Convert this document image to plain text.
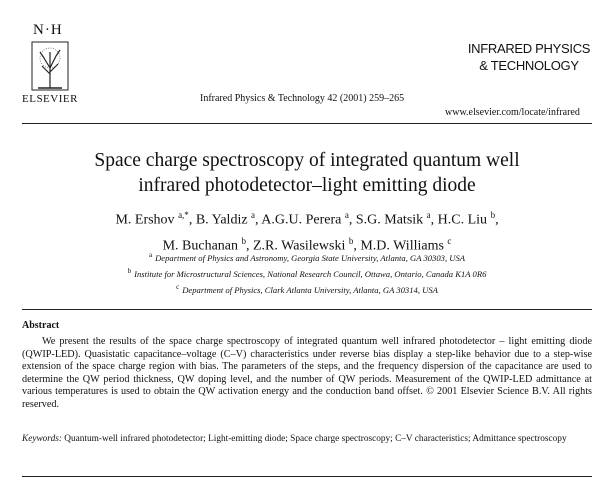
N·H
ELSEVIER	Infrared Physics & Technology 42 (2001) 259–265
INFRARED PHYSICS
& TECHNOLOGY
www.elsevier.com/locate/infrared
Space charge spectroscopy of integrated quantum well
infrared photodetector–light emitting diode
M. Ershov $^{a,*}$, B. Yaldiz $^a$, A.G.U. Perera $^a$, S.G. Matsik $^a$, H.C. Liu $^b$,
M. Buchanan $^b$, Z.R. Wasilewski $^b$, M.D. Williams $^c$
$^a$ Department of Physics and Astronomy, Georgia State University, Atlanta, GA 30303, USA
$^b$ Institute for Microstructural Sciences, National Research Council, Ottawa, Ontario, Canada K1A 0R6
$^c$ Department of Physics, Clark Atlanta University, Atlanta, GA 30314, USA
Abstract
We present the results of the space charge spectroscopy of integrated quantum well infrared photodetector – light emitting diode (QWIP-LED). Quasistatic capacitance–voltage (C–V) characteristics under reverse bias display a step-like behavior due to a step-wise extension of the space charge region with bias. The parameters of the steps, and the frequency dispersion of the capacitance are used to determine the QW period thickness, QW doping level, and the number of QW periods. Measurement of the QWIP-LED admittance at various temperatures is used to obtain the QW activation energy and the conduction band offset. © 2001 Elsevier Science B.V. All rights reserved.
Keywords: Quantum-well infrared photodetector; Light-emitting diode; Space charge spectroscopy; C–V characteristics; Admittance spectroscopy
